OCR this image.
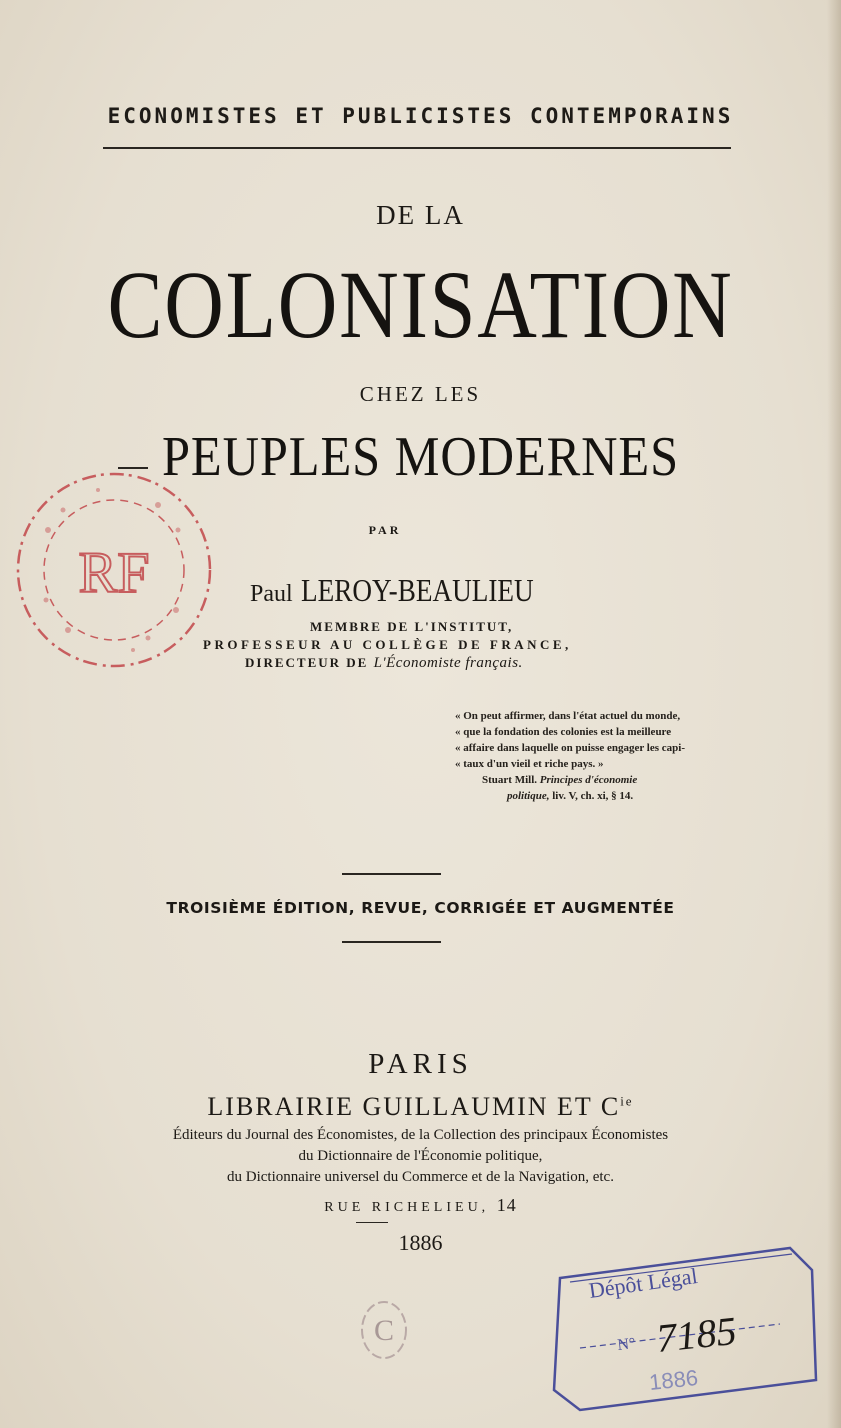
ECONOMISTES ET PUBLICISTES CONTEMPORAINS
DE LA
COLONISATION
CHEZ LES
PEUPLES MODERNES
RF
PAR
Paul LEROY-BEAULIEU
MEMBRE DE L'INSTITUT,
PROFESSEUR AU COLLÈGE DE FRANCE,
DIRECTEUR DE L'Économiste français.
« On peut affirmer, dans l'état actuel du monde,
« que la fondation des colonies est la meilleure
« affaire dans laquelle on puisse engager les capi-
« taux d'un vieil et riche pays. »
Stuart Mill. Principes d'économie
politique, liv. V, ch. xi, § 14.
TROISIÈME ÉDITION, REVUE, CORRIGÉE ET AUGMENTÉE
PARIS
LIBRAIRIE GUILLAUMIN ET $C^{ie}$
Éditeurs du Journal des Économistes, de la Collection des principaux Économistes
du Dictionnaire de l'Économie politique,
du Dictionnaire universel du Commerce et de la Navigation, etc.
RUE RICHELIEU, 14
1886
C
Dépôt Légal
N° 7185
1886
